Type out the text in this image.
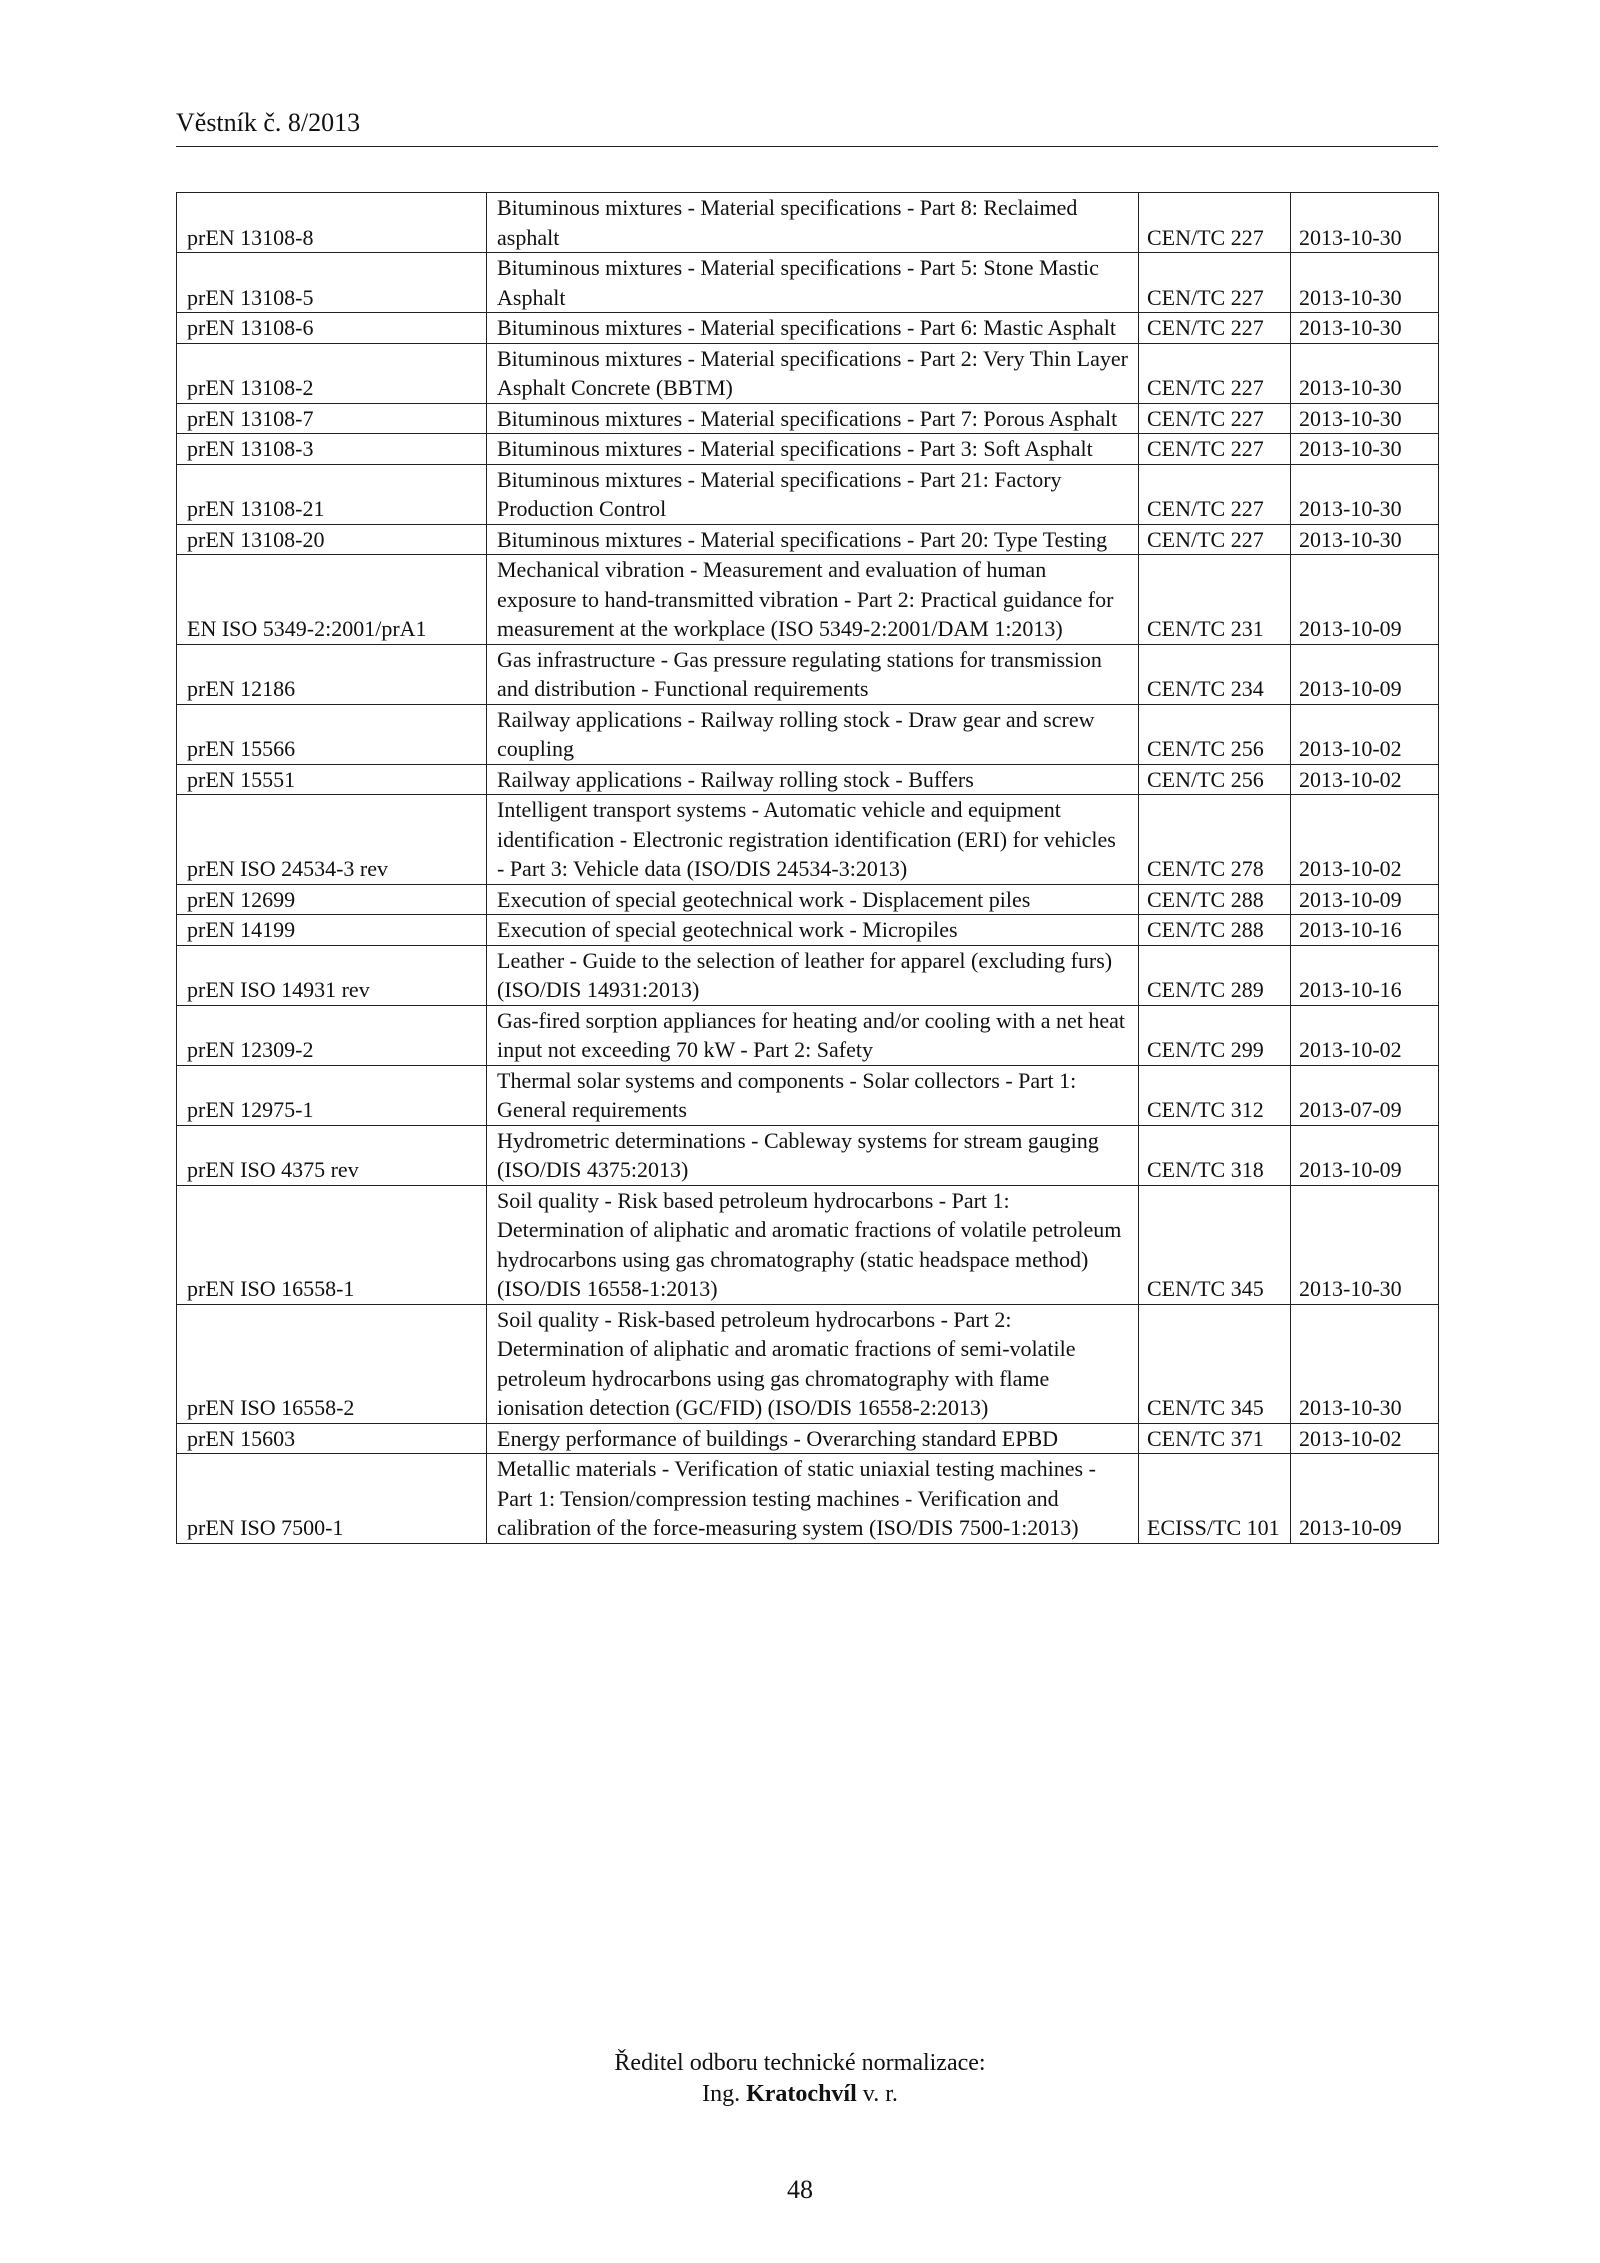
Věstník č. 8/2013
prEN 13108-8	Bituminous mixtures - Material specifications - Part 8: Reclaimed asphalt	CEN/TC 227	2013-10-30
prEN 13108-5	Bituminous mixtures - Material specifications - Part 5: Stone Mastic Asphalt	CEN/TC 227	2013-10-30
prEN 13108-6	Bituminous mixtures - Material specifications - Part 6: Mastic Asphalt	CEN/TC 227	2013-10-30
prEN 13108-2	Bituminous mixtures - Material specifications - Part 2: Very Thin Layer Asphalt Concrete (BBTM)	CEN/TC 227	2013-10-30
prEN 13108-7	Bituminous mixtures - Material specifications - Part 7: Porous Asphalt	CEN/TC 227	2013-10-30
prEN 13108-3	Bituminous mixtures - Material specifications - Part 3: Soft Asphalt	CEN/TC 227	2013-10-30
prEN 13108-21	Bituminous mixtures - Material specifications - Part 21: Factory Production Control	CEN/TC 227	2013-10-30
prEN 13108-20	Bituminous mixtures - Material specifications - Part 20: Type Testing	CEN/TC 227	2013-10-30
EN ISO 5349-2:2001/prA1	Mechanical vibration - Measurement and evaluation of human exposure to hand-transmitted vibration - Part 2: Practical guidance for measurement at the workplace (ISO 5349-2:2001/DAM 1:2013)	CEN/TC 231	2013-10-09
prEN 12186	Gas infrastructure - Gas pressure regulating stations for transmission and distribution - Functional requirements	CEN/TC 234	2013-10-09
prEN 15566	Railway applications - Railway rolling stock - Draw gear and screw coupling	CEN/TC 256	2013-10-02
prEN 15551	Railway applications - Railway rolling stock - Buffers	CEN/TC 256	2013-10-02
prEN ISO 24534-3 rev	Intelligent transport systems - Automatic vehicle and equipment identification - Electronic registration identification (ERI) for vehicles - Part 3: Vehicle data (ISO/DIS 24534-3:2013)	CEN/TC 278	2013-10-02
prEN 12699	Execution of special geotechnical work - Displacement piles	CEN/TC 288	2013-10-09
prEN 14199	Execution of special geotechnical work - Micropiles	CEN/TC 288	2013-10-16
prEN ISO 14931 rev	Leather - Guide to the selection of leather for apparel (excluding furs) (ISO/DIS 14931:2013)	CEN/TC 289	2013-10-16
prEN 12309-2	Gas-fired sorption appliances for heating and/or cooling with a net heat input not exceeding 70 kW - Part 2: Safety	CEN/TC 299	2013-10-02
prEN 12975-1	Thermal solar systems and components - Solar collectors - Part 1: General requirements	CEN/TC 312	2013-07-09
prEN ISO 4375 rev	Hydrometric determinations - Cableway systems for stream gauging (ISO/DIS 4375:2013)	CEN/TC 318	2013-10-09
prEN ISO 16558-1	Soil quality - Risk based petroleum hydrocarbons - Part 1: Determination of aliphatic and aromatic fractions of volatile petroleum hydrocarbons using gas chromatography (static headspace method) (ISO/DIS 16558-1:2013)	CEN/TC 345	2013-10-30
prEN ISO 16558-2	Soil quality - Risk-based petroleum hydrocarbons - Part 2: Determination of aliphatic and aromatic fractions of semi-volatile petroleum hydrocarbons using gas chromatography with flame ionisation detection (GC/FID) (ISO/DIS 16558-2:2013)	CEN/TC 345	2013-10-30
prEN 15603	Energy performance of buildings - Overarching standard EPBD	CEN/TC 371	2013-10-02
prEN ISO 7500-1	Metallic materials - Verification of static uniaxial testing machines - Part 1: Tension/compression testing machines - Verification and calibration of the force-measuring system (ISO/DIS 7500-1:2013)	ECISS/TC 101	2013-10-09
Ředitel odboru technické normalizace:
Ing. Kratochvíl v. r.
48
